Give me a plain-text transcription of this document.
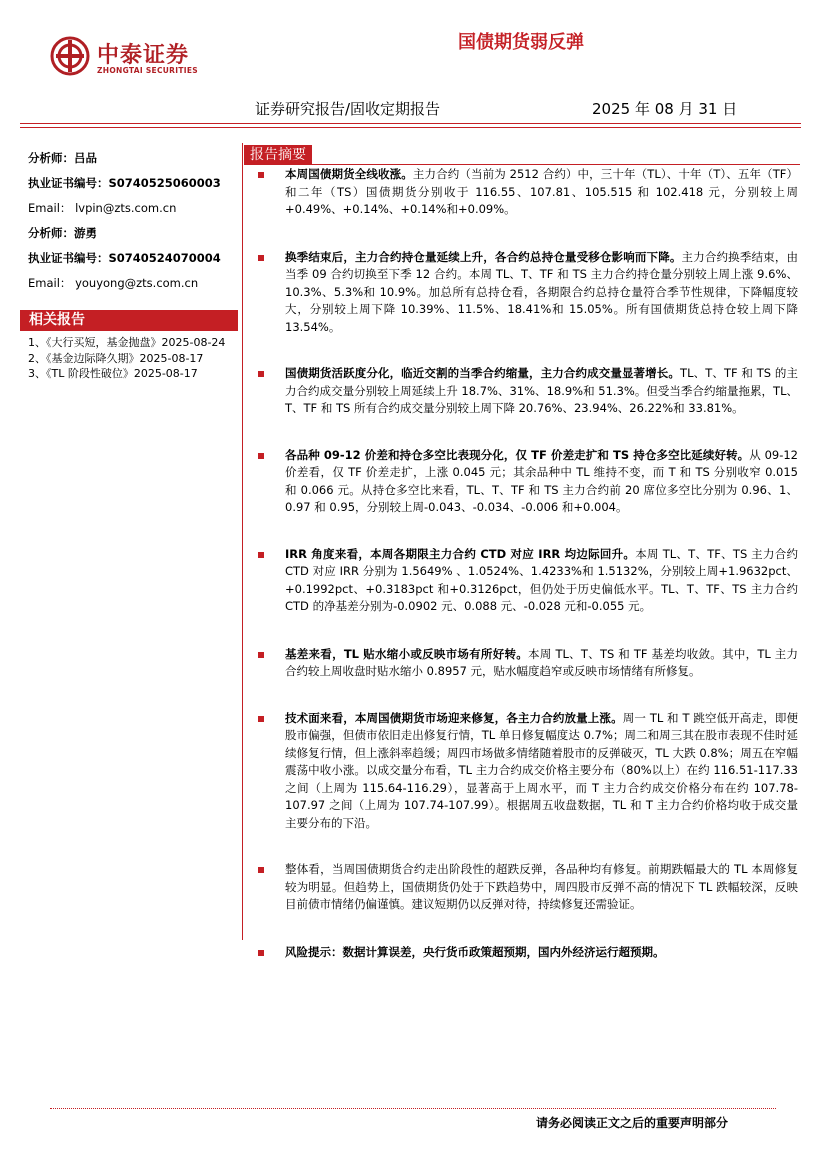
中泰证券
ZHONGTAI SECURITIES
国债期货弱反弹
证券研究报告/固收定期报告	2025 年 08 月 31 日
分析师：吕品
执业证书编号：S0740525060003
Email： lvpin@zts.com.cn
分析师：游勇
执业证书编号：S0740524070004
Email： youyong@zts.com.cn
相关报告
1、《大行买短，基金抛盘》2025-08-24
2、《基金边际降久期》2025-08-17
3、《TL 阶段性破位》2025-08-17
报告摘要
本周国债期货全线收涨。主力合约（当前为 2512 合约）中，三十年（TL）、十年（T）、五年（TF）和二年（TS）国债期货分别收于 116.55、107.81、105.515 和 102.418 元，分别较上周+0.49%、+0.14%、+0.14%和+0.09%。
换季结束后，主力合约持仓量延续上升，各合约总持仓量受移仓影响而下降。主力合约换季结束，由当季 09 合约切换至下季 12 合约。本周 TL、T、TF 和 TS 主力合约持仓量分别较上周上涨 9.6%、10.3%、5.3%和 10.9%。加总所有总持仓看，各期限合约总持仓量符合季节性规律，下降幅度较大，分别较上周下降 10.39%、11.5%、18.41%和 15.05%。所有国债期货总持仓较上周下降 13.54%。
国债期货活跃度分化，临近交割的当季合约缩量，主力合约成交量显著增长。TL、T、TF 和 TS 的主力合约成交量分别较上周延续上升 18.7%、31%、18.9%和 51.3%。但受当季合约缩量拖累，TL、T、TF 和 TS 所有合约成交量分别较上周下降 20.76%、23.94%、26.22%和 33.81%。
各品种 09-12 价差和持仓多空比表现分化，仅 TF 价差走扩和 TS 持仓多空比延续好转。从 09-12 价差看，仅 TF 价差走扩，上涨 0.045 元；其余品种中 TL 维持不变，而 T 和 TS 分别收窄 0.015 和 0.066 元。从持仓多空比来看，TL、T、TF 和 TS 主力合约前 20 席位多空比分别为 0.96、1、0.97 和 0.95，分别较上周-0.043、-0.034、-0.006 和+0.004。
IRR 角度来看，本周各期限主力合约 CTD 对应 IRR 均边际回升。本周 TL、T、TF、TS 主力合约 CTD 对应 IRR 分别为 1.5649% 、1.0524%、1.4233%和 1.5132%，分别较上周+1.9632pct、+0.1992pct、+0.3183pct 和+0.3126pct，但仍处于历史偏低水平。TL、T、TF、TS 主力合约 CTD 的净基差分别为-0.0902 元、0.088 元、-0.028 元和-0.055 元。
基差来看，TL 贴水缩小或反映市场有所好转。本周 TL、T、TS 和 TF 基差均收敛。其中，TL 主力合约较上周收盘时贴水缩小 0.8957 元，贴水幅度趋窄或反映市场情绪有所修复。
技术面来看，本周国债期货市场迎来修复，各主力合约放量上涨。周一 TL 和 T 跳空低开高走，即便股市偏强，但债市依旧走出修复行情，TL 单日修复幅度达 0.7%；周二和周三其在股市表现不佳时延续修复行情，但上涨斜率趋缓；周四市场做多情绪随着股市的反弹破灭，TL 大跌 0.8%；周五在窄幅震荡中收小涨。以成交量分布看，TL 主力合约成交价格主要分布（80%以上）在约 116.51-117.33 之间（上周为 115.64-116.29），显著高于上周水平，而 T 主力合约成交价格分布在约 107.78-107.97 之间（上周为 107.74-107.99）。根据周五收盘数据，TL 和 T 主力合约价格均收于成交量主要分布的下沿。
整体看，当周国债期货合约走出阶段性的超跌反弹，各品种均有修复。前期跌幅最大的 TL 本周修复较为明显。但趋势上，国债期货仍处于下跌趋势中，周四股市反弹不高的情况下 TL 跌幅较深，反映目前债市情绪仍偏谨慎。建议短期仍以反弹对待，持续修复还需验证。
风险提示：数据计算误差，央行货币政策超预期，国内外经济运行超预期。
请务必阅读正文之后的重要声明部分
